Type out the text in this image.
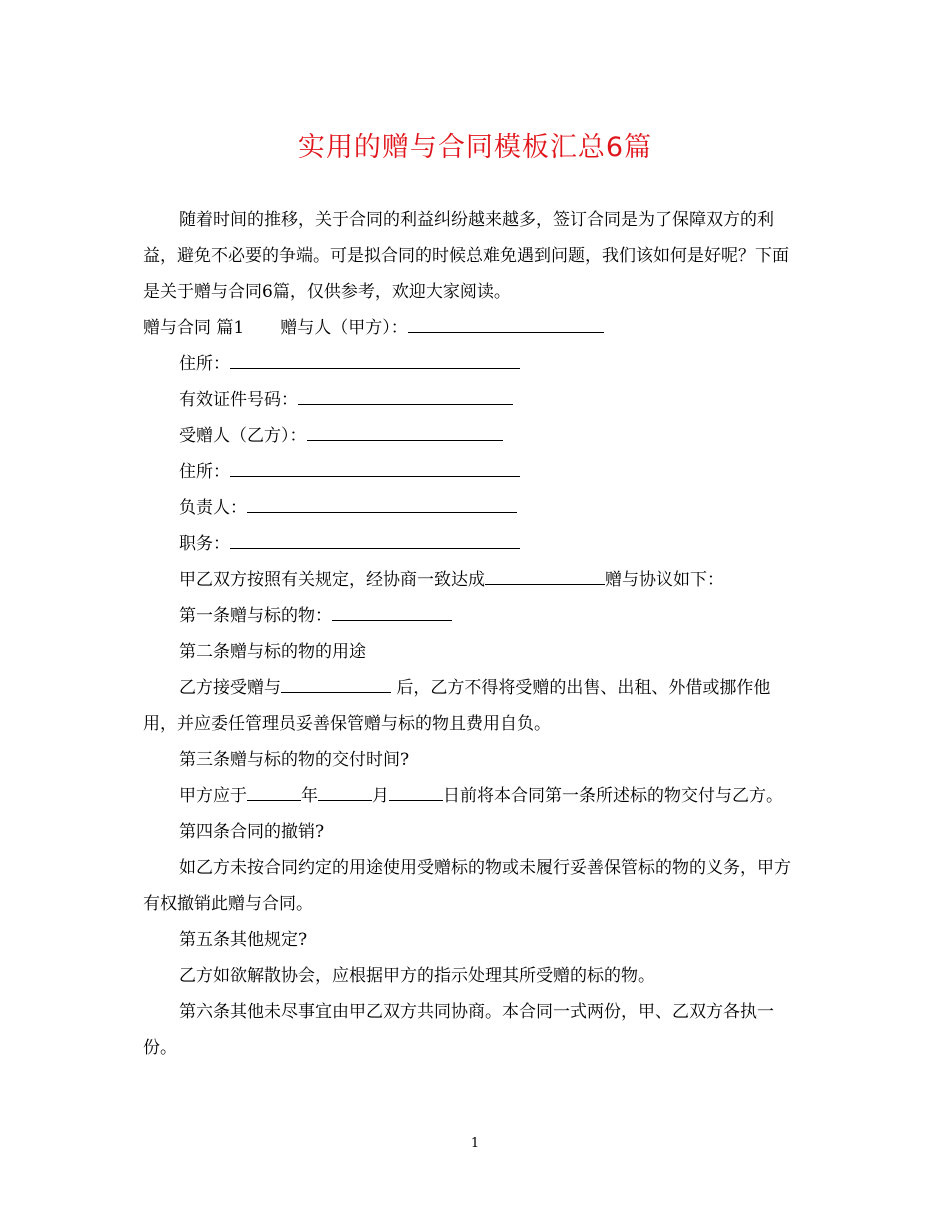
实用的赠与合同模板汇总6篇

随着时间的推移，关于合同的利益纠纷越来越多，签订合同是为了保障双方的利益，避免不必要的争端。可是拟合同的时候总难免遇到问题，我们该如何是好呢？下面是关于赠与合同6篇，仅供参考，欢迎大家阅读。

赠与合同 篇1 赠与人（甲方）：
住所：
有效证件号码：
受赠人（乙方）：
住所：
负责人：
职务：
甲乙双方按照有关规定，经协商一致达成	赠与协议如下：
第一条赠与标的物：
第二条赠与标的物的用途

乙方接受赠与	后，乙方不得将受赠的出售、出租、外借或挪作他用，并应委任管理员妥善保管赠与标的物且费用自负。

第三条赠与标的物的交付时间?

甲方应于	年	月	日前将本合同第一条所述标的物交付与乙方。

第四条合同的撤销?

如乙方未按合同约定的用途使用受赠标的物或未履行妥善保管标的物的义务，甲方有权撤销此赠与合同。

第五条其他规定?

乙方如欲解散协会，应根据甲方的指示处理其所受赠的标的物。

第六条其他未尽事宜由甲乙双方共同协商。本合同一式两份，甲、乙双方各执一份。

1
